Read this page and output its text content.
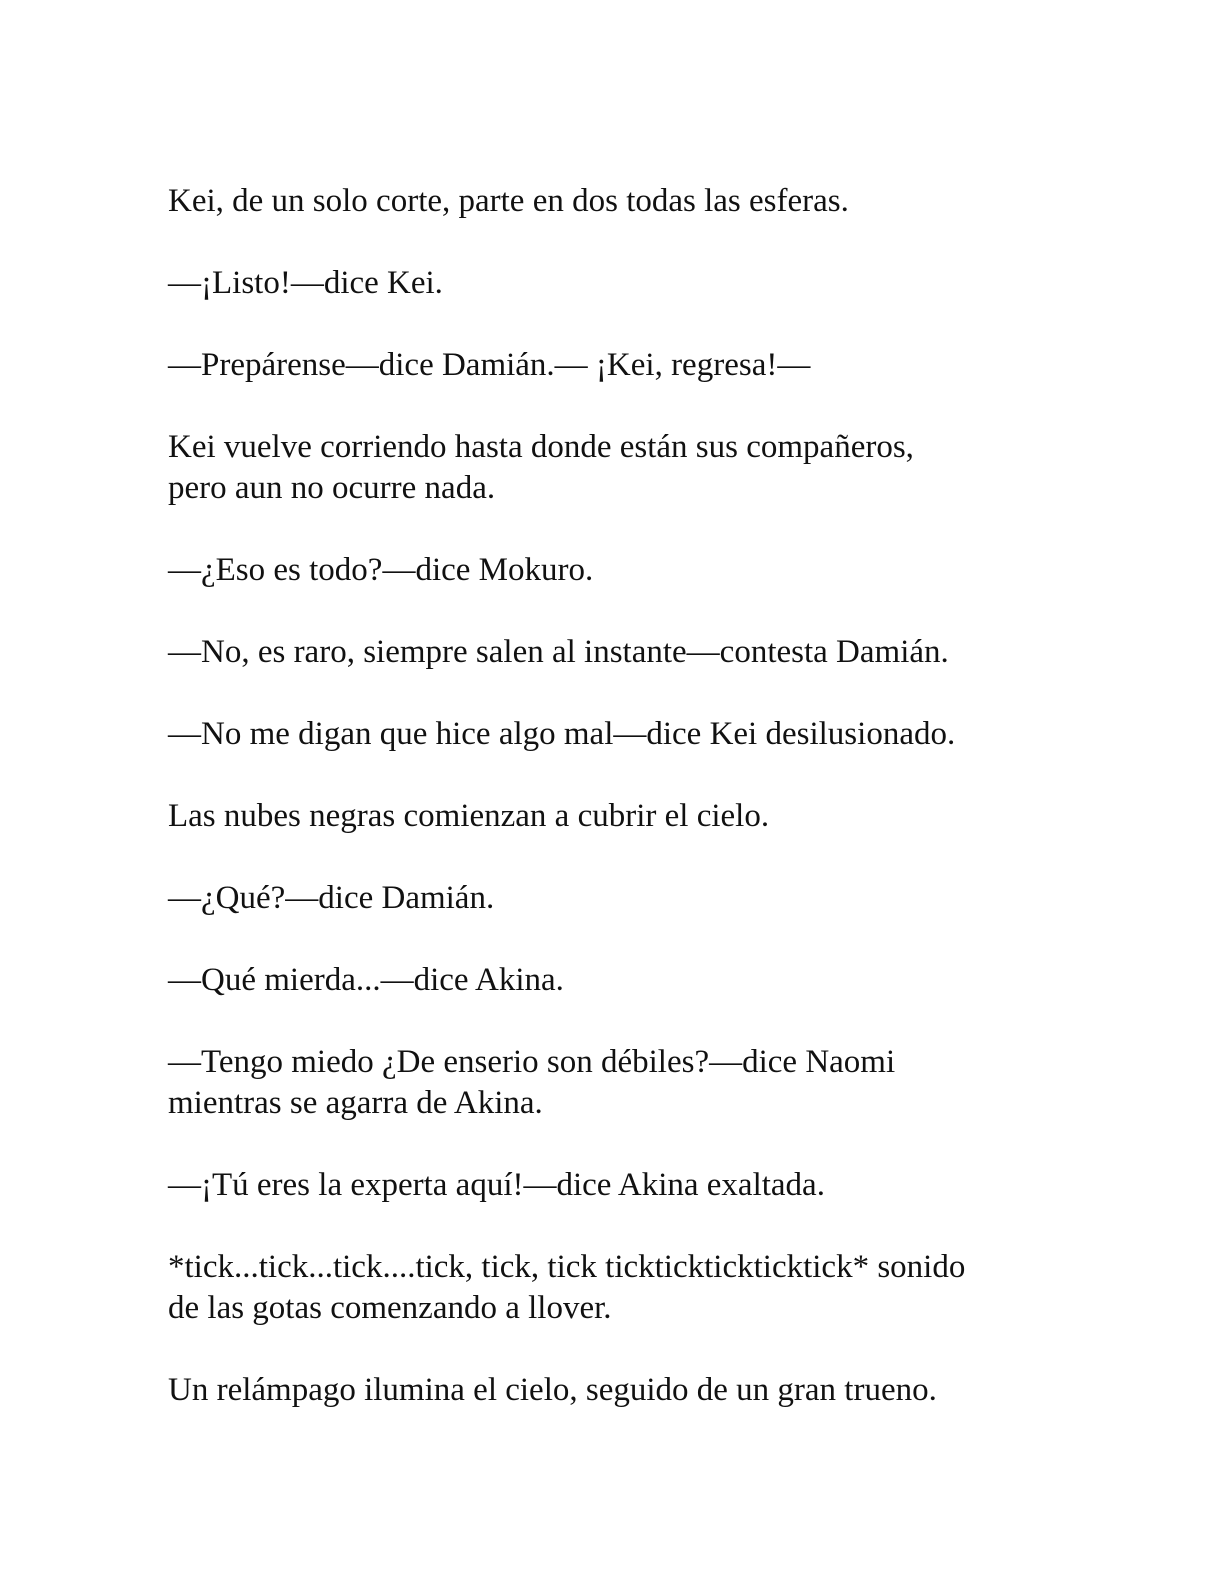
Kei, de un solo corte, parte en dos todas las esferas.

—¡Listo!—dice Kei.

—Prepárense—dice Damián.— ¡Kei, regresa!—

Kei vuelve corriendo hasta donde están sus compañeros,
pero aun no ocurre nada.

—¿Eso es todo?—dice Mokuro.

—No, es raro, siempre salen al instante—contesta Damián.

—No me digan que hice algo mal—dice Kei desilusionado.

Las nubes negras comienzan a cubrir el cielo.

—¿Qué?—dice Damián.

—Qué mierda...—dice Akina.

—Tengo miedo ¿De enserio son débiles?—dice Naomi
mientras se agarra de Akina.

—¡Tú eres la experta aquí!—dice Akina exaltada.

*tick...tick...tick....tick, tick, tick tickticktickticktick* sonido
de las gotas comenzando a llover.

Un relámpago ilumina el cielo, seguido de un gran trueno.
